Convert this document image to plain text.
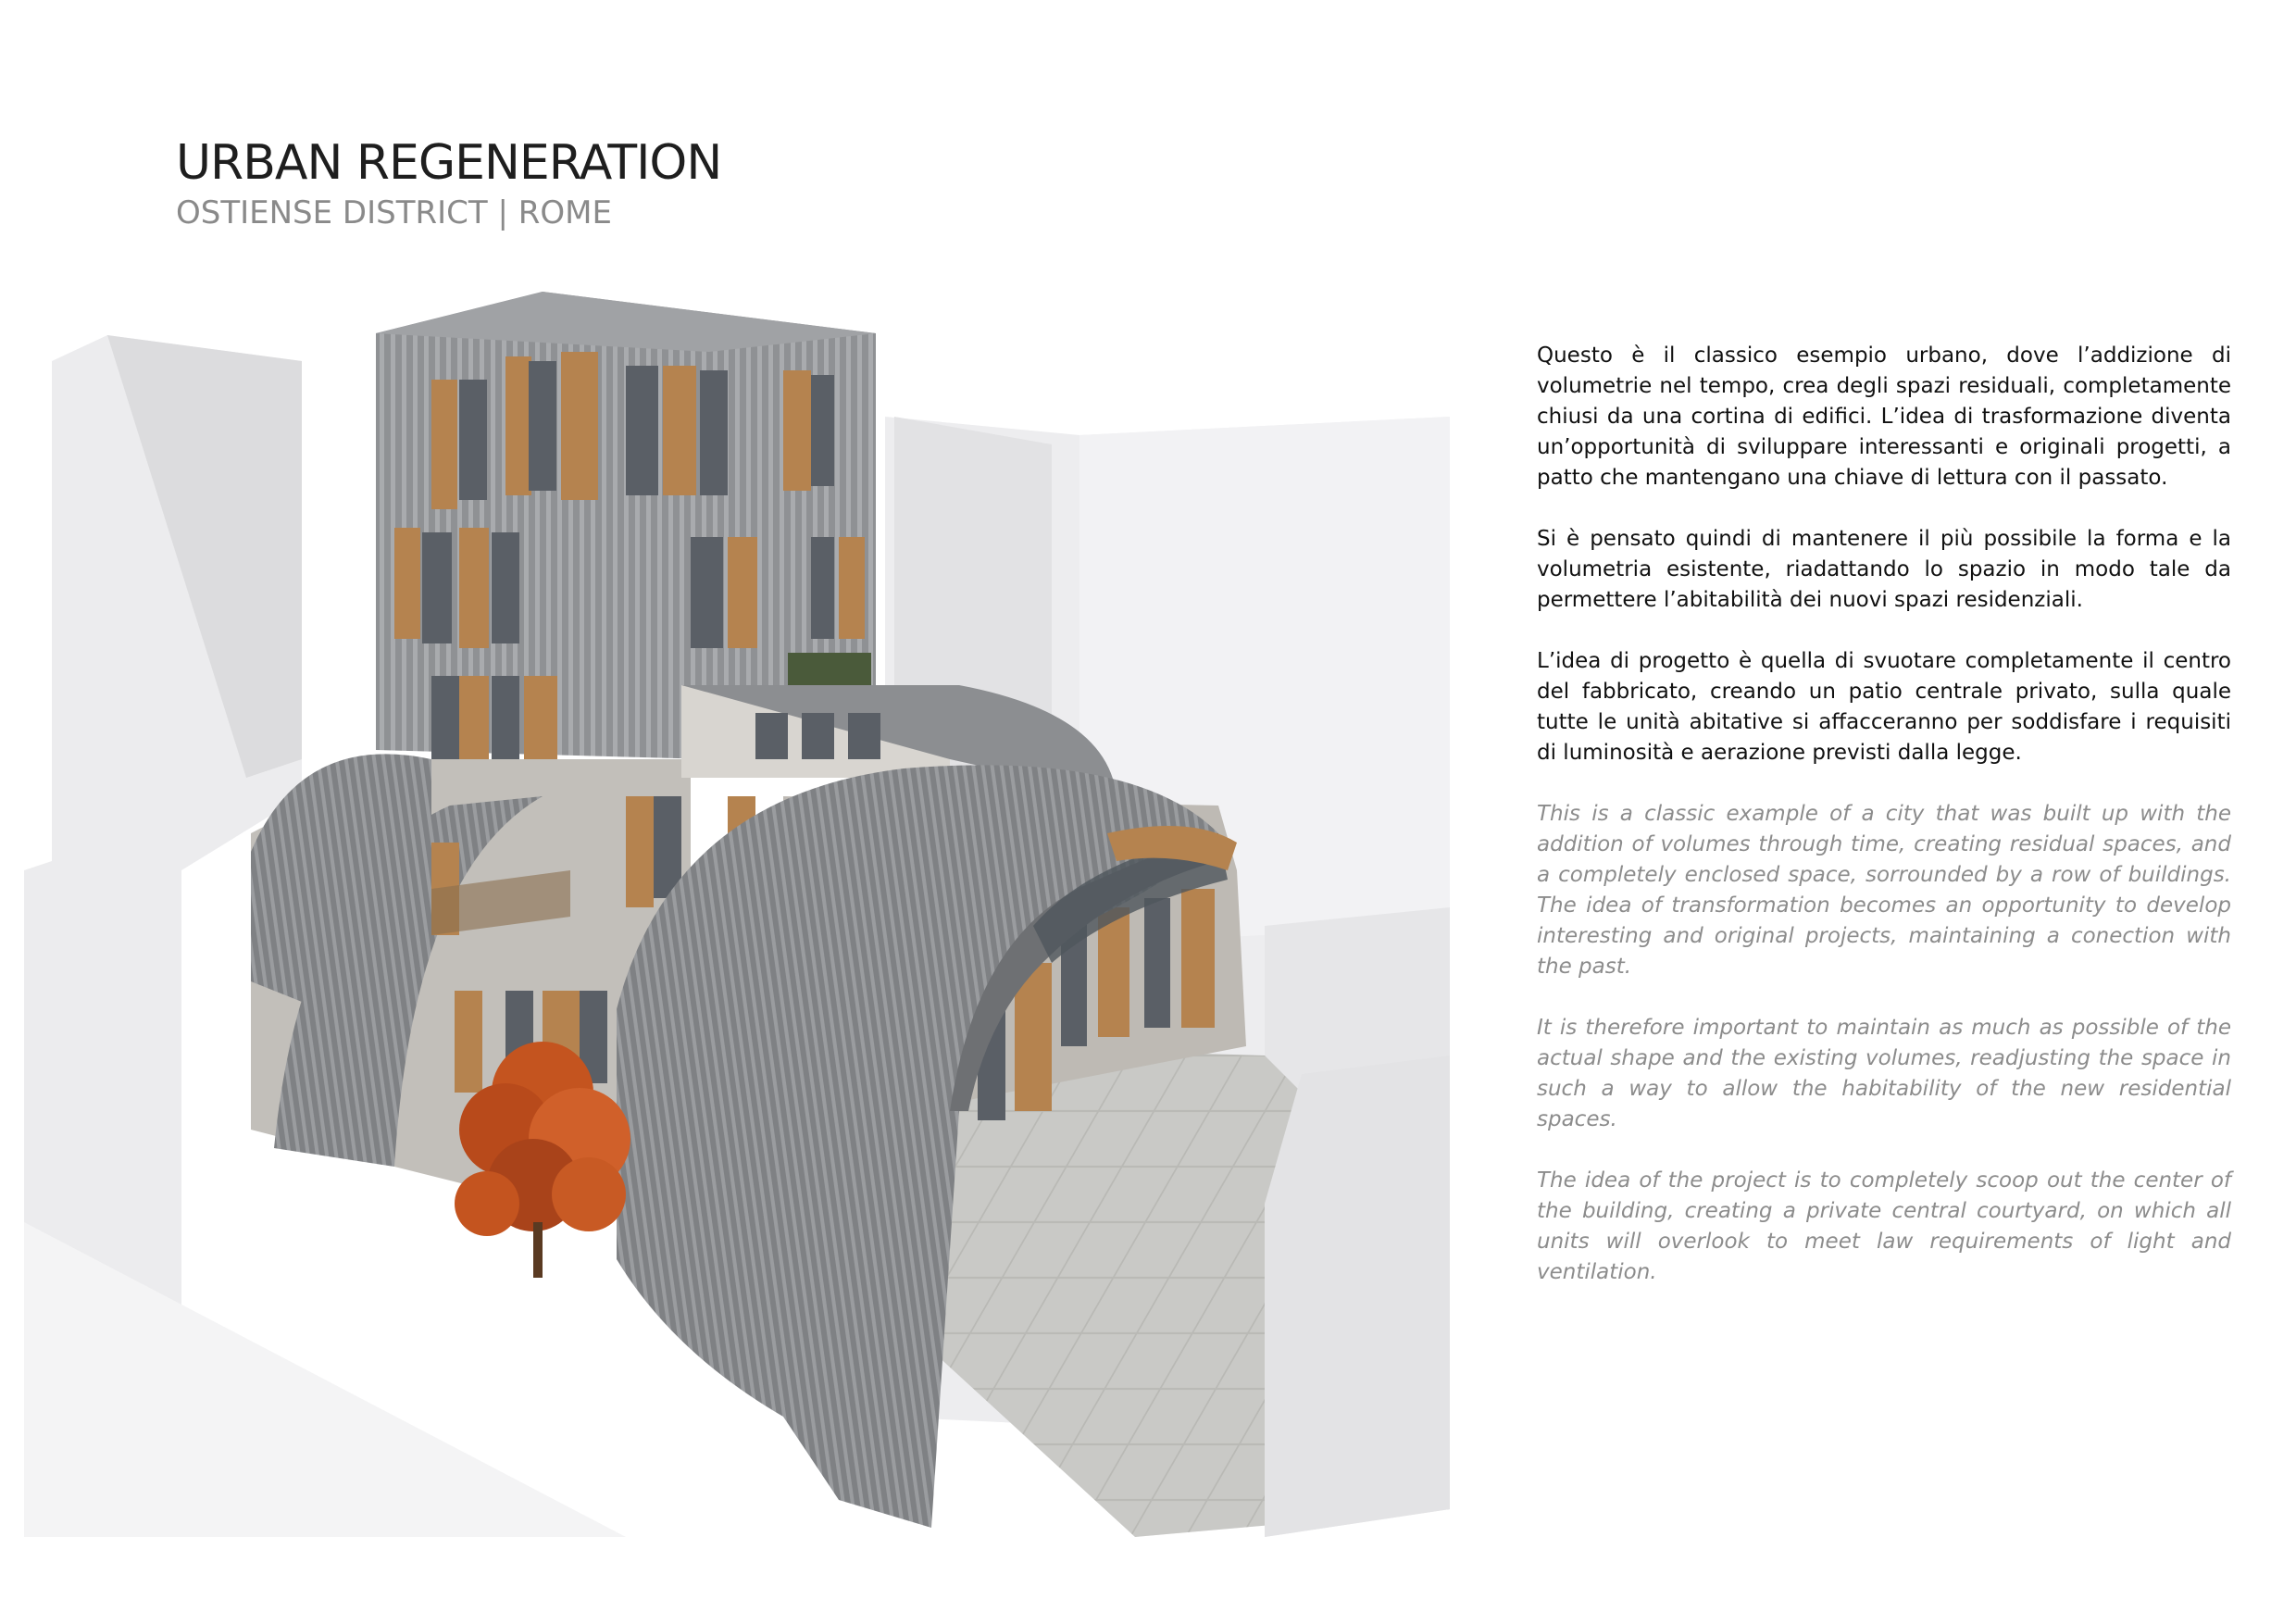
URBAN REGENERATION
OSTIENSE DISTRICT | ROME

Questo è il classico esempio urbano, dove l’addizione di volumetrie nel tempo, crea degli spazi residuali, completamente chiusi da una cortina di edifici. L’idea di trasformazione diventa un’opportunità di sviluppare interessanti e originali progetti, a patto che mantengano una chiave di lettura con il passato.

Si è pensato quindi di mantenere il più possibile la forma e la volumetria esistente, riadattando lo spazio in modo tale da permettere l’abitabilità dei nuovi spazi residenziali.

L’idea di progetto è quella di svuotare completamente il centro del fabbricato, creando un patio centrale privato, sulla quale tutte le unità abitative si affacceranno per soddisfare i requisiti di luminosità e aerazione previsti dalla legge.

This is a classic example of a city that was built up with the addition of volumes through time, creating residual spaces, and a completely enclosed space, sorrounded by a row of buildings. The idea of transformation becomes an opportunity to develop interesting and original projects, maintaining a conection with the past.

It is therefore important to maintain as much as possible of the actual shape and the existing volumes, readjusting the space in such a way to allow the habitability of the new residential spaces.

The idea of the project is to completely scoop out the center of the building, creating a private central courtyard, on which all units will overlook to meet law requirements of light and ventilation.
